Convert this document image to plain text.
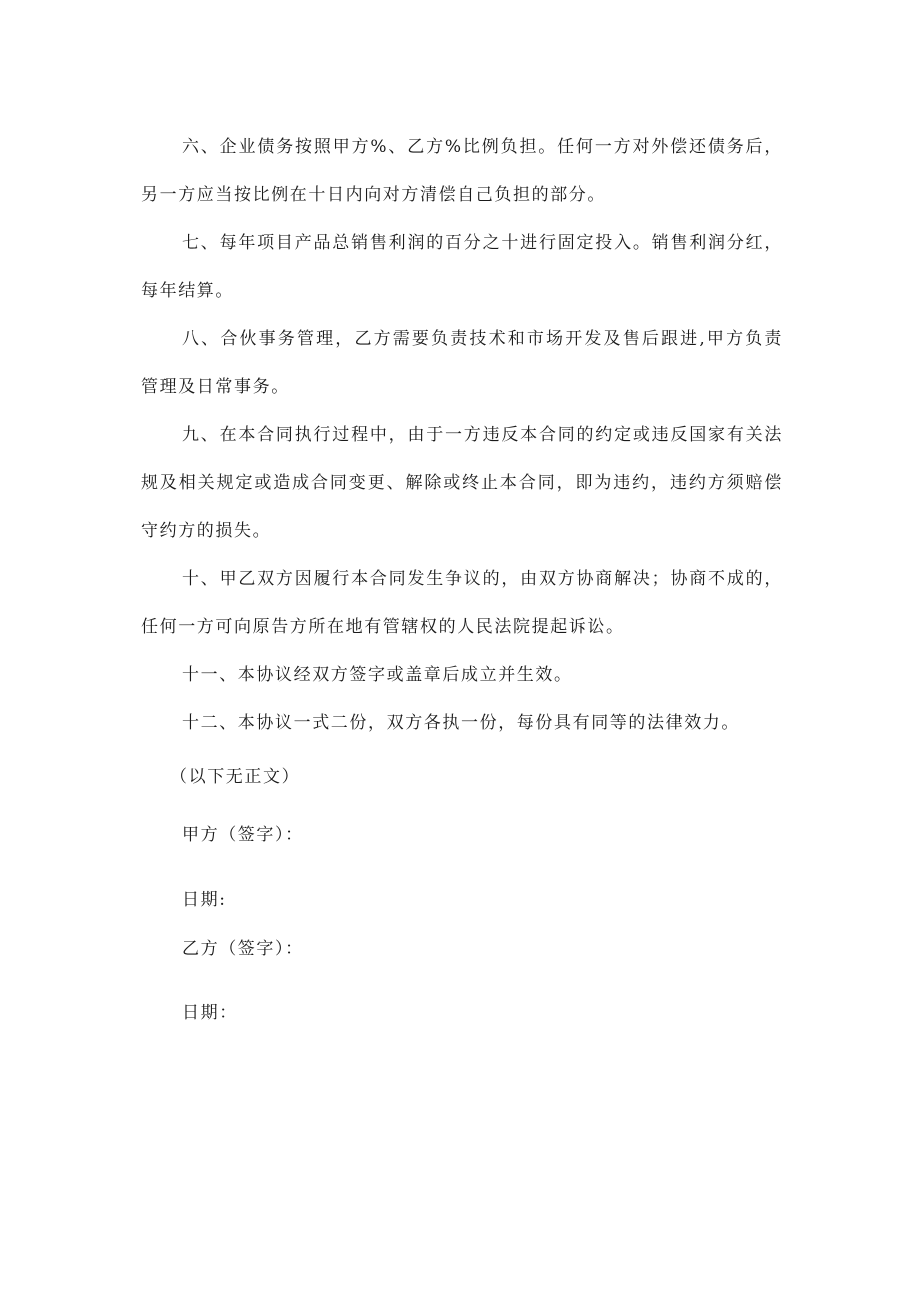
六、企业债务按照甲方%、乙方%比例负担。任何一方对外偿还债务后，另一方应当按比例在十日内向对方清偿自己负担的部分。

七、每年项目产品总销售利润的百分之十进行固定投入。销售利润分红，每年结算。

八、合伙事务管理，乙方需要负责技术和市场开发及售后跟进,甲方负责管理及日常事务。

九、在本合同执行过程中，由于一方违反本合同的约定或违反国家有关法规及相关规定或造成合同变更、解除或终止本合同，即为违约，违约方须赔偿守约方的损失。

十、甲乙双方因履行本合同发生争议的，由双方协商解决；协商不成的，任何一方可向原告方所在地有管辖权的人民法院提起诉讼。

十一、本协议经双方签字或盖章后成立并生效。

十二、本协议一式二份，双方各执一份，每份具有同等的法律效力。

（以下无正文）

甲方（签字）：

日期:

乙方（签字）：

日期：
